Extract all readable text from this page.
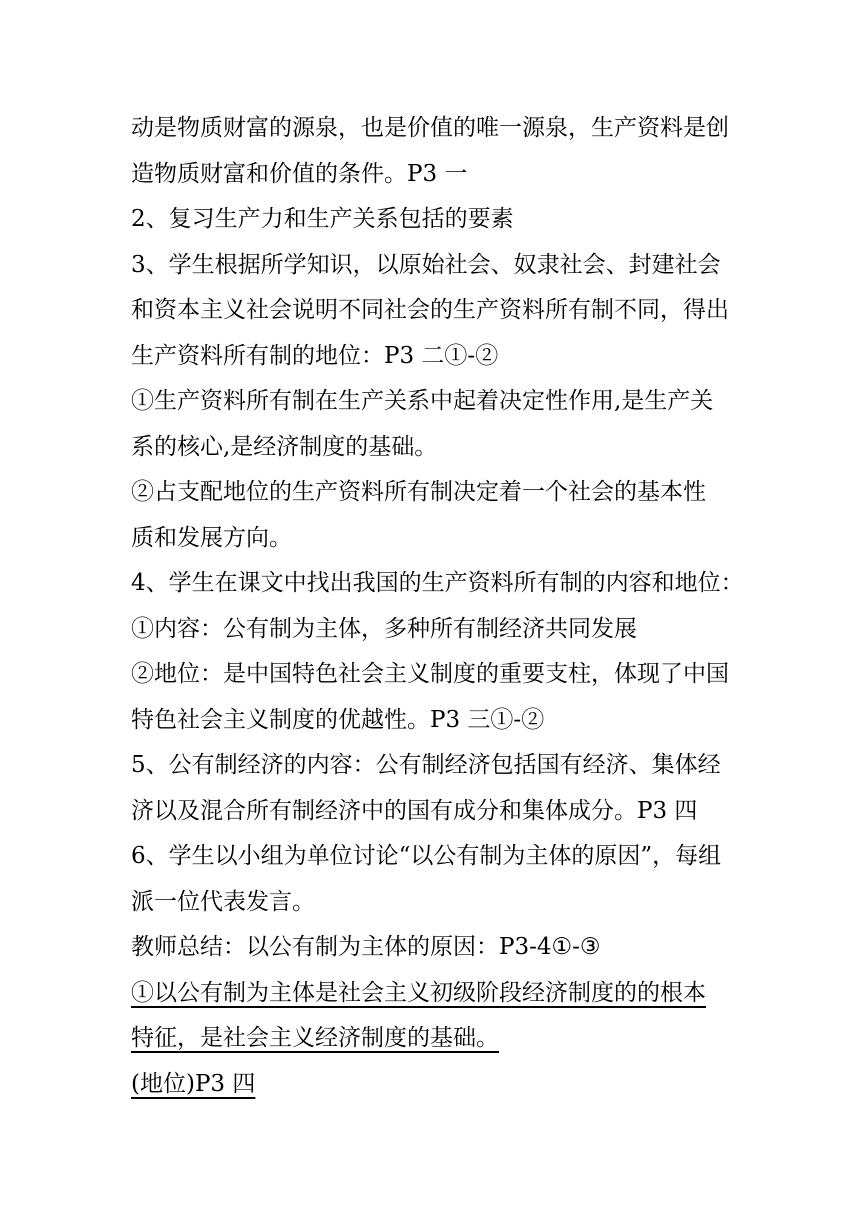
动是物质财富的源泉，也是价值的唯一源泉，生产资料是创
造物质财富和价值的条件。P3 一
2、复习生产力和生产关系包括的要素
3、学生根据所学知识，以原始社会、奴隶社会、封建社会
和资本主义社会说明不同社会的生产资料所有制不同，得出
生产资料所有制的地位：P3 二①-②
①生产资料所有制在生产关系中起着决定性作用,是生产关
系的核心,是经济制度的基础。
②占支配地位的生产资料所有制决定着一个社会的基本性
质和发展方向。
4、学生在课文中找出我国的生产资料所有制的内容和地位：
①内容：公有制为主体，多种所有制经济共同发展
②地位：是中国特色社会主义制度的重要支柱，体现了中国
特色社会主义制度的优越性。P3 三①-②
5、公有制经济的内容：公有制经济包括国有经济、集体经
济以及混合所有制经济中的国有成分和集体成分。P3 四
6、学生以小组为单位讨论“以公有制为主体的原因”，每组
派一位代表发言。
教师总结：以公有制为主体的原因：P3-4①-③
①以公有制为主体是社会主义初级阶段经济制度的的根本
特征，是社会主义经济制度的基础。
(地位)P3 四
